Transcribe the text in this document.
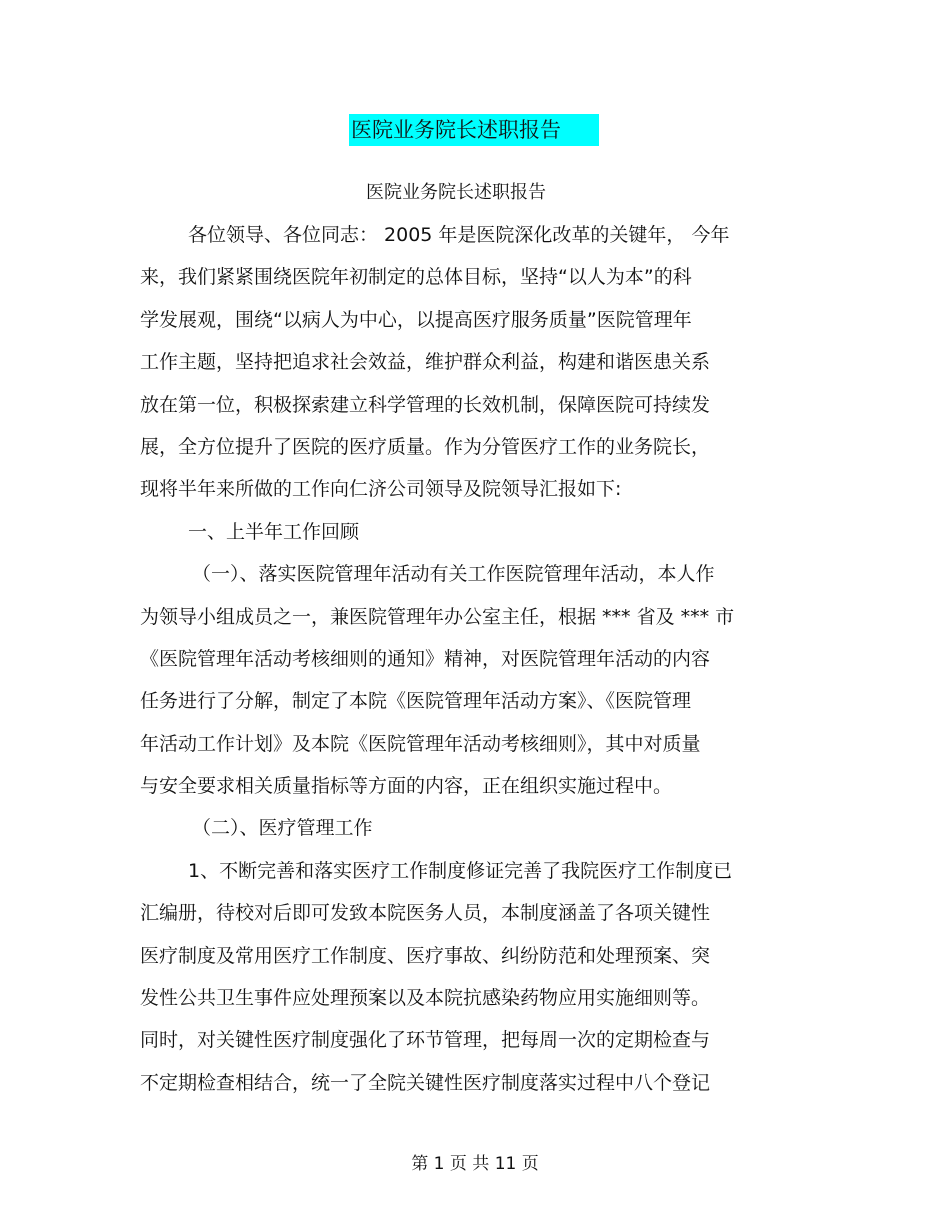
医院业务院长述职报告
医院业务院长述职报告
各位领导、各位同志： 2005 年是医院深化改革的关键年， 今年
来，我们紧紧围绕医院年初制定的总体目标，坚持“以人为本”的科
学发展观，围绕“以病人为中心，以提高医疗服务质量”医院管理年
工作主题，坚持把追求社会效益，维护群众利益，构建和谐医患关系
放在第一位，积极探索建立科学管理的长效机制，保障医院可持续发
展，全方位提升了医院的医疗质量。作为分管医疗工作的业务院长，
现将半年来所做的工作向仁济公司领导及院领导汇报如下:
一、上半年工作回顾
（一）、落实医院管理年活动有关工作医院管理年活动，本人作
为领导小组成员之一，兼医院管理年办公室主任，根据 *** 省及 *** 市
《医院管理年活动考核细则的通知》精神，对医院管理年活动的内容
任务进行了分解，制定了本院《医院管理年活动方案》、《医院管理
年活动工作计划》及本院《医院管理年活动考核细则》，其中对质量
与安全要求相关质量指标等方面的内容，正在组织实施过程中。
（二）、医疗管理工作
1、不断完善和落实医疗工作制度修证完善了我院医疗工作制度已
汇编册，待校对后即可发致本院医务人员，本制度涵盖了各项关键性
医疗制度及常用医疗工作制度、医疗事故、纠纷防范和处理预案、突
发性公共卫生事件应处理预案以及本院抗感染药物应用实施细则等。
同时，对关键性医疗制度强化了环节管理，把每周一次的定期检查与
不定期检查相结合，统一了全院关键性医疗制度落实过程中八个登记
第 1 页 共 11 页
